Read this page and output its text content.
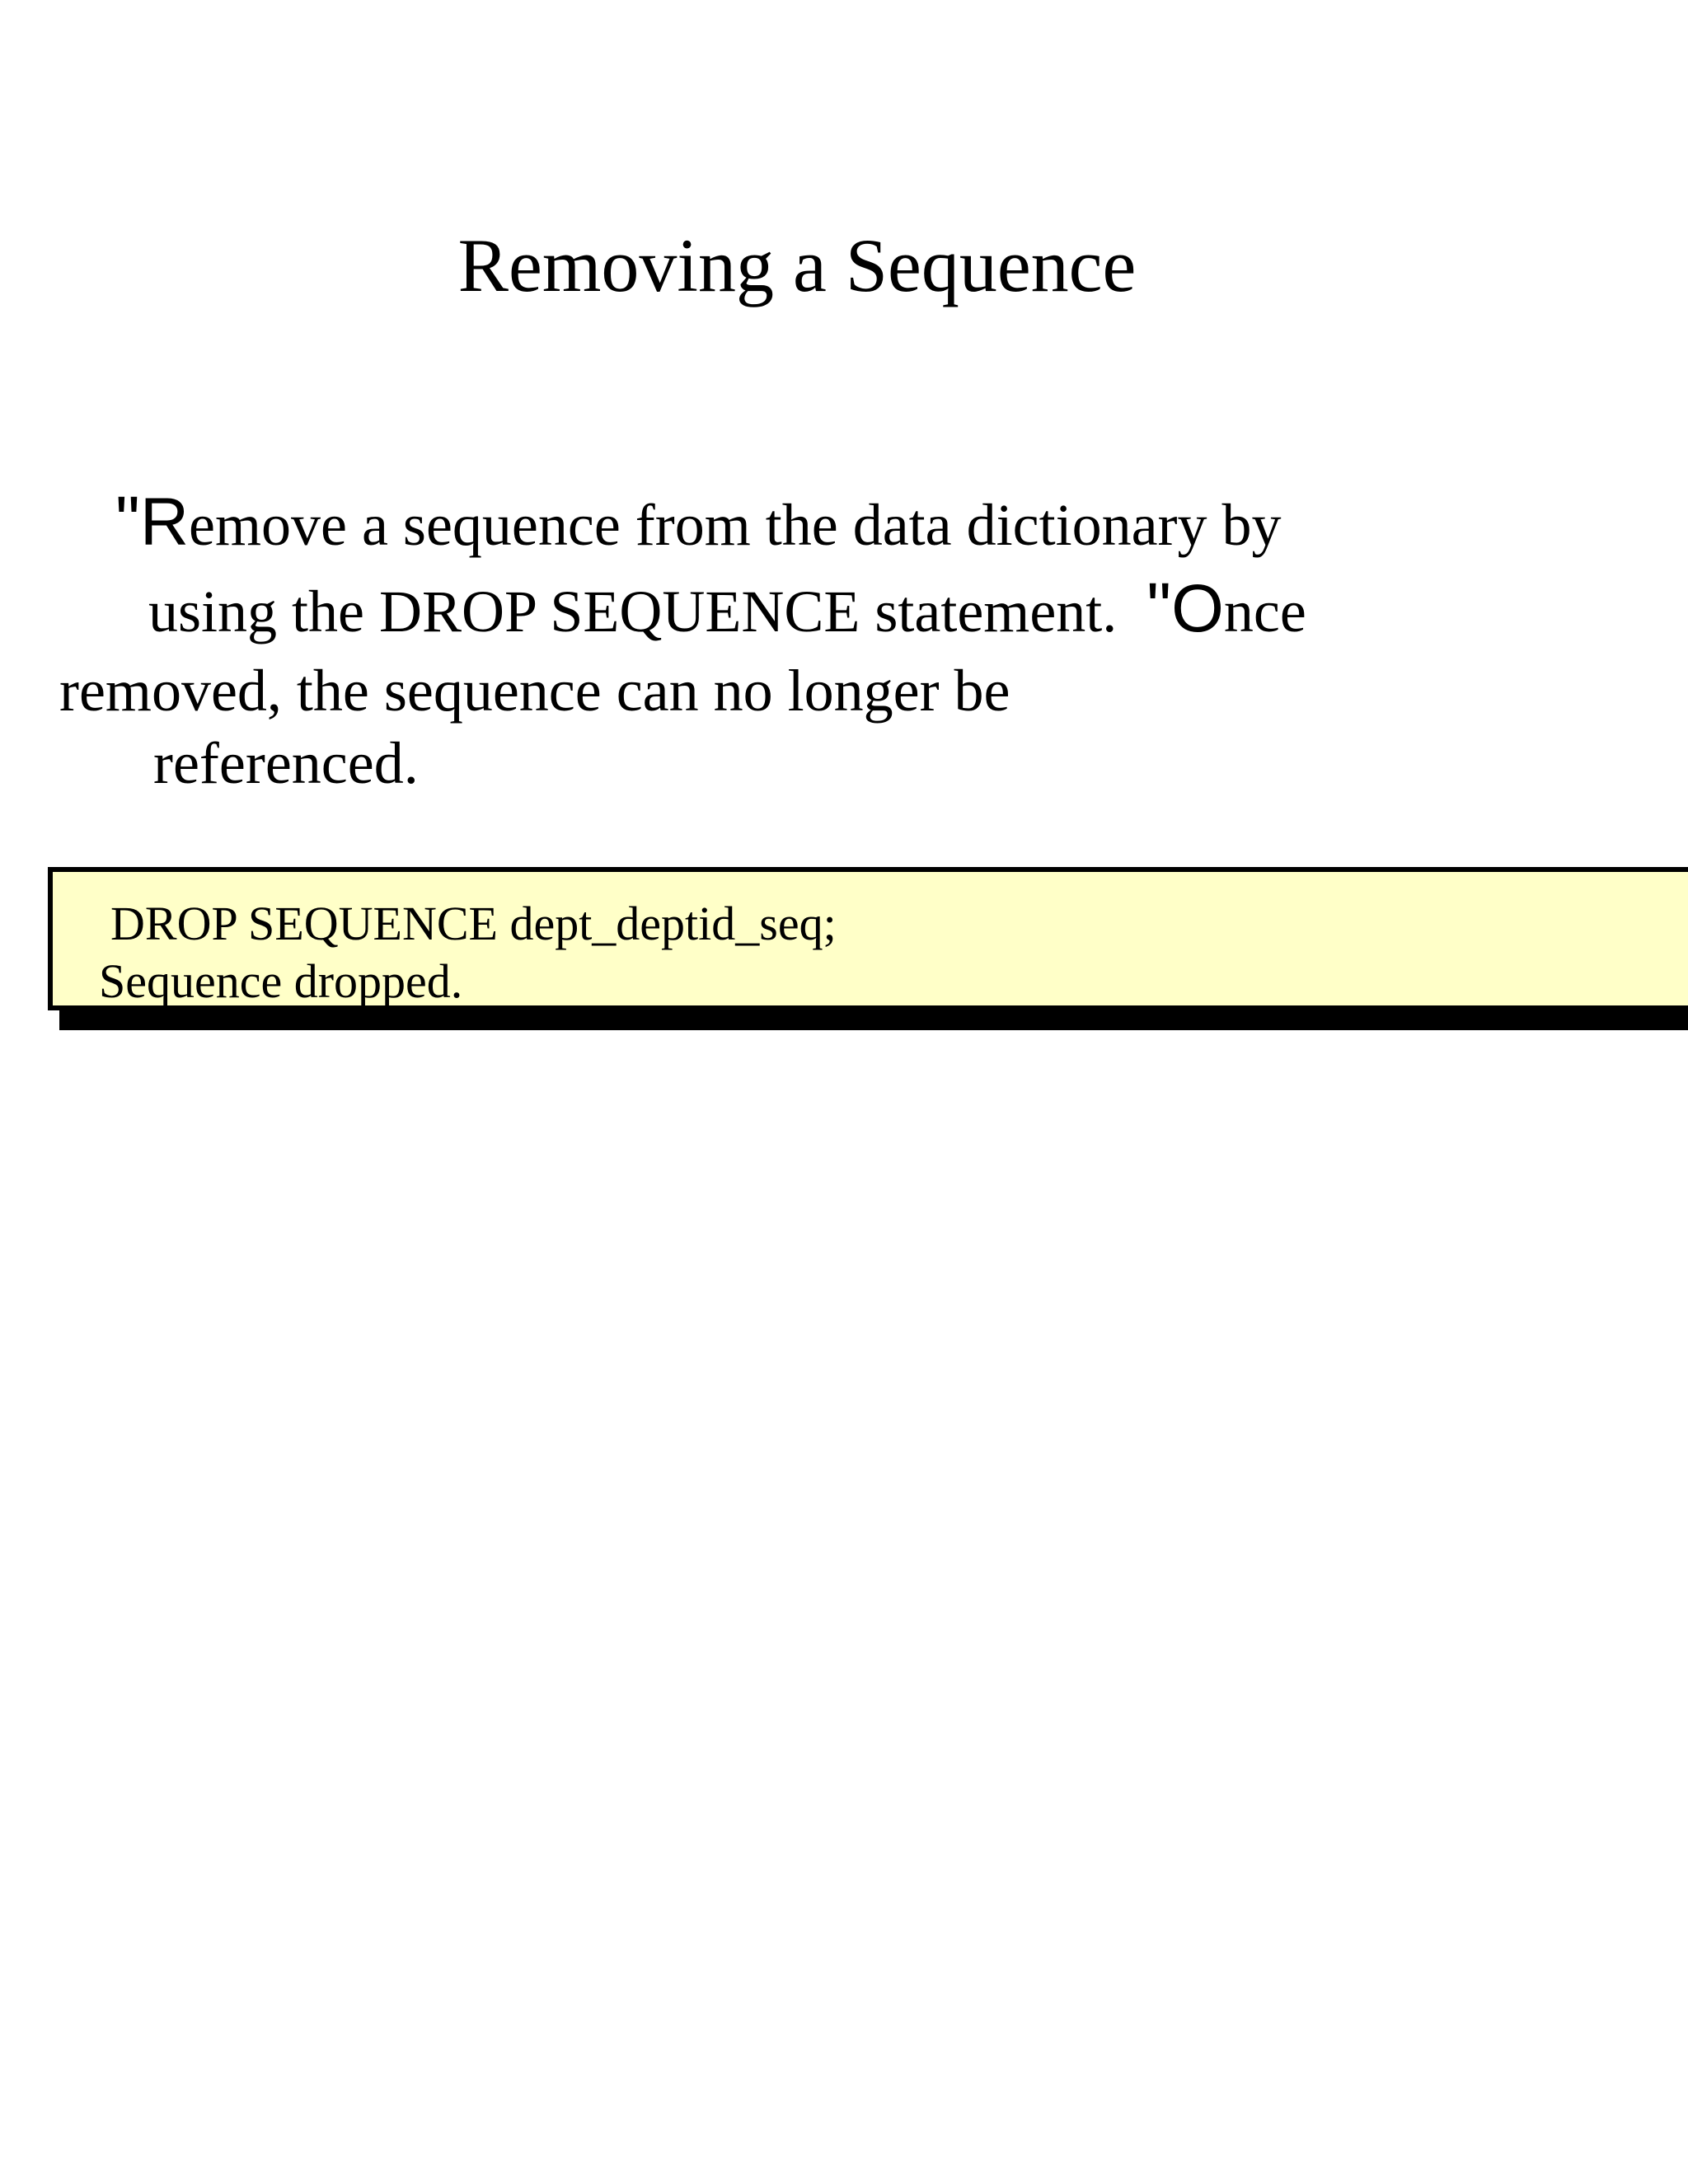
Removing a Sequence
"Remove a sequence from the data dictionary by
using the DROP SEQUENCE statement. "Once
removed, the sequence can no longer be
referenced.
DROP SEQUENCE dept_deptid_seq;
Sequence dropped.
